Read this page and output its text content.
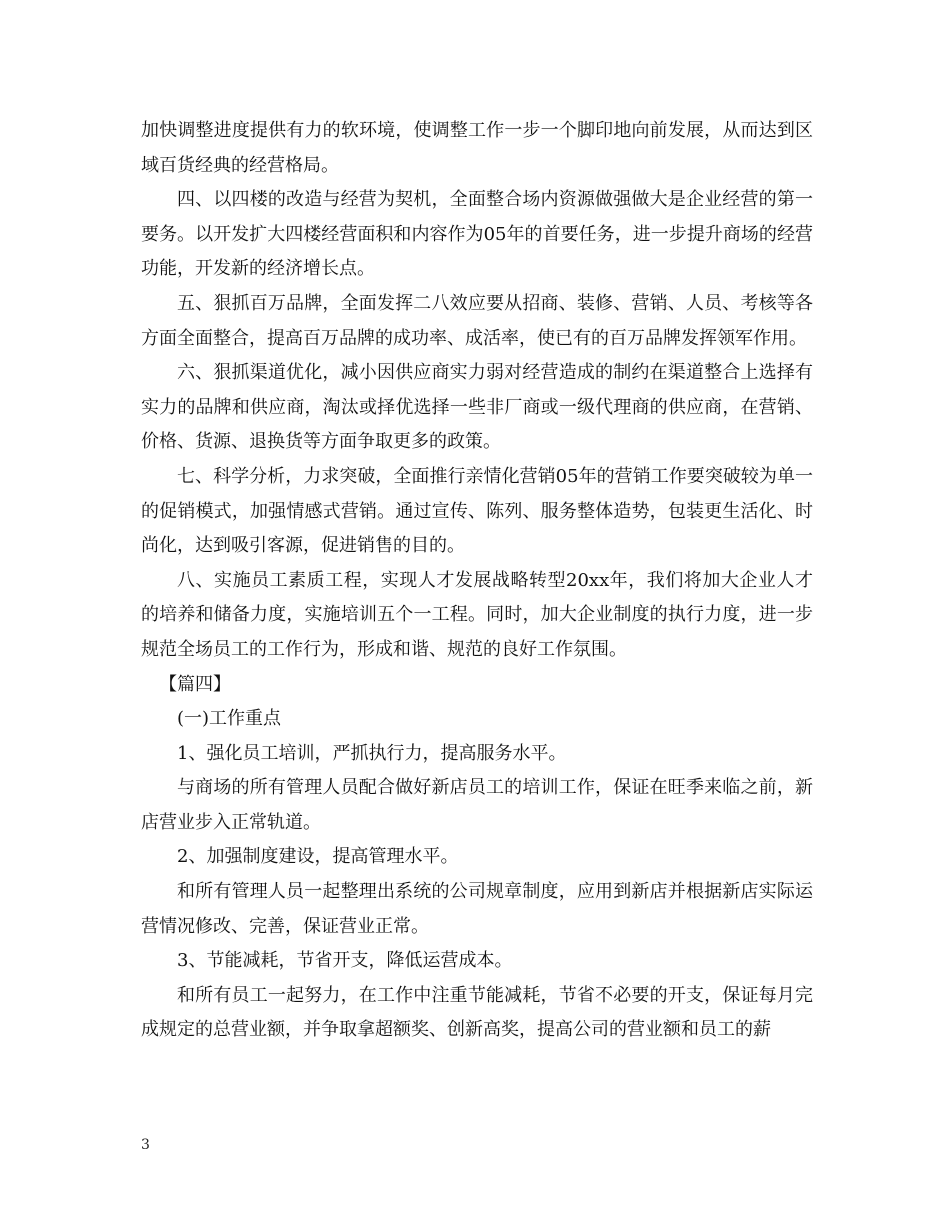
加快调整进度提供有力的软环境，使调整工作一步一个脚印地向前发展，从而达到区域百货经典的经营格局。

四、以四楼的改造与经营为契机，全面整合场内资源做强做大是企业经营的第一要务。以开发扩大四楼经营面积和内容作为05年的首要任务，进一步提升商场的经营功能，开发新的经济增长点。

五、狠抓百万品牌，全面发挥二八效应要从招商、装修、营销、人员、考核等各方面全面整合，提高百万品牌的成功率、成活率，使已有的百万品牌发挥领军作用。

六、狠抓渠道优化，减小因供应商实力弱对经营造成的制约在渠道整合上选择有实力的品牌和供应商，淘汰或择优选择一些非厂商或一级代理商的供应商，在营销、价格、货源、退换货等方面争取更多的政策。

七、科学分析，力求突破，全面推行亲情化营销05年的营销工作要突破较为单一的促销模式，加强情感式营销。通过宣传、陈列、服务整体造势，包装更生活化、时尚化，达到吸引客源，促进销售的目的。

八、实施员工素质工程，实现人才发展战略转型20xx年，我们将加大企业人才的培养和储备力度，实施培训五个一工程。同时，加大企业制度的执行力度，进一步规范全场员工的工作行为，形成和谐、规范的良好工作氛围。

【篇四】

(一)工作重点

1、强化员工培训，严抓执行力，提高服务水平。

与商场的所有管理人员配合做好新店员工的培训工作，保证在旺季来临之前，新店营业步入正常轨道。

2、加强制度建设，提高管理水平。

和所有管理人员一起整理出系统的公司规章制度，应用到新店并根据新店实际运营情况修改、完善，保证营业正常。

3、节能减耗，节省开支，降低运营成本。

和所有员工一起努力，在工作中注重节能减耗，节省不必要的开支，保证每月完成规定的总营业额，并争取拿超额奖、创新高奖，提高公司的营业额和员工的薪

3
